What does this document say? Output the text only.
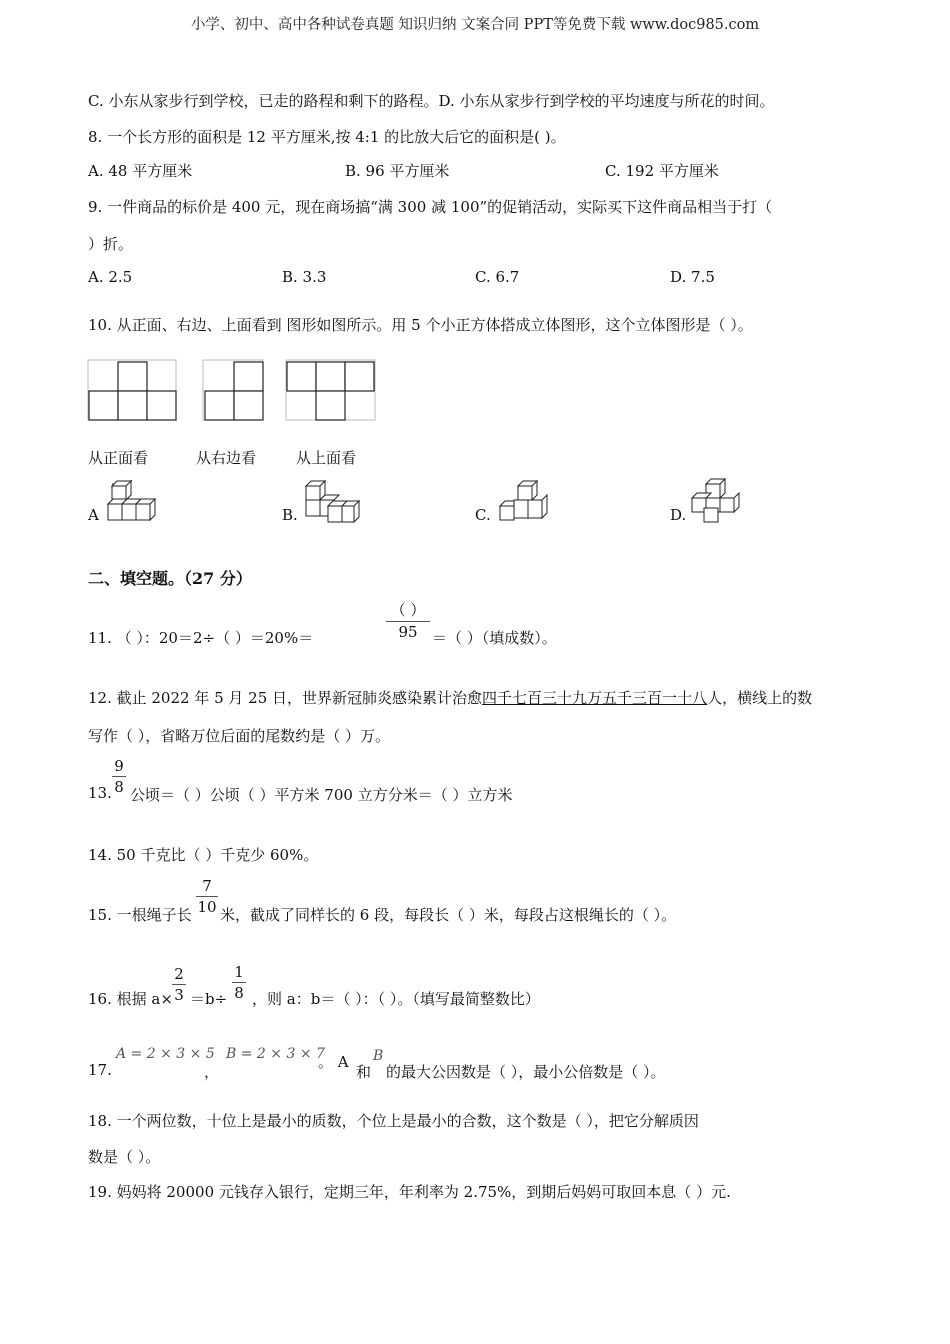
小学、初中、高中各种试卷真题 知识归纳 文案合同 PPT等免费下载 www.doc985.com
C. 小东从家步行到学校，已走的路程和剩下的路程。D. 小东从家步行到学校的平均速度与所花的时间。
8. 一个长方形的面积是 12 平方厘米,按 4:1 的比放大后它的面积是( )。
A. 48 平方厘米	B. 96 平方厘米	C. 192 平方厘米
9. 一件商品的标价是 400 元，现在商场搞“满 300 减 100”的促销活动，实际买下这件商品相当于打（
）折。
A. 2.5	B. 3.3	C. 6.7	D. 7.5
10. 从正面、右边、上面看到 图形如图所示。用 5 个小正方体搭成立体图形，这个立体图形是（ ）。
从正面看	从右边看	从上面看
A	B.	C.	D.
二、填空题。（27 分）
11. （ ）：20＝2÷（ ）＝20%＝
（ ）
95 ＝（ ）（填成数）。
12. 截止 2022 年 5 月 25 日，世界新冠肺炎感染累计治愈四千七百三十九万五千三百一十八人，横线上的数
写作（ ），省略万位后面的尾数约是（ ）万。
13.
9
8 公顷＝（ ）公顷（ ）平方米 700 立方分米＝（ ）立方米
14. 50 千克比（ ）千克少 60%。
15. 一根绳子长
7
10 米，截成了同样长的 6 段，每段长（ ）米，每段占这根绳长的（ ）。
16. 根据 a×
2
3 ＝b÷
1
8 ，则 a：b＝（ ）：（ ）。（填写最简整数比）
17.
A = 2 × 3 × 5
，
B = 2 × 3 × 7
。 A
和
B
的最大公因数是（ ），最小公倍数是（ ）。
18. 一个两位数，十位上是最小的质数，个位上是最小的合数，这个数是（ ），把它分解质因
数是（ ）。
19. 妈妈将 20000 元钱存入银行，定期三年，年利率为 2.75%，到期后妈妈可取回本息（ ）元.
